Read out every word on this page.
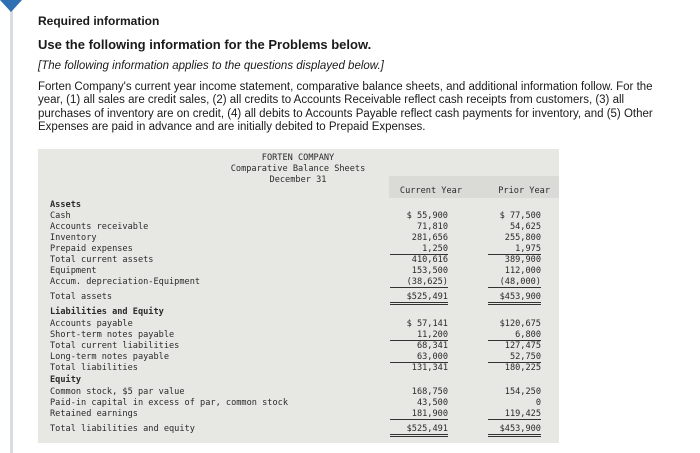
Required information
Use the following information for the Problems below.
[The following information applies to the questions displayed below.]

Forten Company's current year income statement, comparative balance sheets, and additional information follow. For the year, (1) all sales are credit sales, (2) all credits to Accounts Receivable reflect cash receipts from customers, (3) all purchases of inventory are on credit, (4) all debits to Accounts Payable reflect cash payments for inventory, and (5) Other Expenses are paid in advance and are initially debited to Prepaid Expenses.

FORTEN COMPANY
Comparative Balance Sheets
December 31
Current Year	Prior Year
Assets
Cash	$ 55,900	$ 77,500
Accounts receivable	71,810	54,625
Inventory	281,656	255,800
Prepaid expenses	1,250	1,975
Total current assets	410,616	389,900
Equipment	153,500	112,000
Accum. depreciation-Equipment	(38,625)	(48,000)
Total assets	$525,491	$453,900
Liabilities and Equity
Accounts payable	$ 57,141	$120,675
Short-term notes payable	11,200	6,800
Total current liabilities	68,341	127,475
Long-term notes payable	63,000	52,750
Total liabilities	131,341	180,225
Equity
Common stock, $5 par value	168,750	154,250
Paid-in capital in excess of par, common stock	43,500	0
Retained earnings	181,900	119,425
Total liabilities and equity	$525,491	$453,900
